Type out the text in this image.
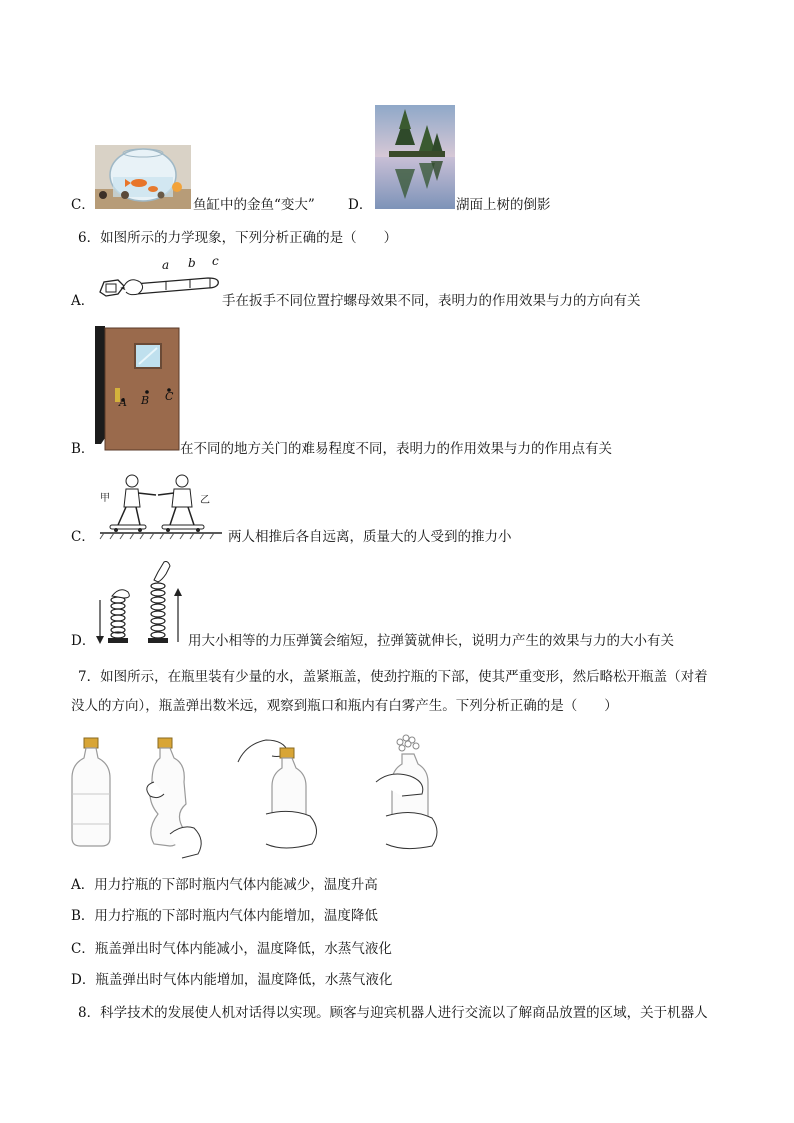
C．	鱼缸中的金鱼“变大” D．	湖面上树的倒影
6．如图所示的力学现象，下列分析正确的是（　　）
A．
a b c
手在扳手不同位置拧螺母效果不同，表明力的作用效果与力的方向有关
B．
A B C
在不同的地方关门的难易程度不同，表明力的作用效果与力的作用点有关
C．
甲	乙
两人相推后各自远离，质量大的人受到的推力小
D．	用大小相等的力压弹簧会缩短，拉弹簧就伸长，说明力产生的效果与力的大小有关
7．如图所示，在瓶里装有少量的水，盖紧瓶盖，使劲拧瓶的下部，使其严重变形，然后略松开瓶盖（对着
没人的方向），瓶盖弹出数米远，观察到瓶口和瓶内有白雾产生。下列分析正确的是（　　）
A．用力拧瓶的下部时瓶内气体内能减少，温度升高
B．用力拧瓶的下部时瓶内气体内能增加，温度降低
C．瓶盖弹出时气体内能减小，温度降低，水蒸气液化
D．瓶盖弹出时气体内能增加，温度降低，水蒸气液化
8．科学技术的发展使人机对话得以实现。顾客与迎宾机器人进行交流以了解商品放置的区域，关于机器人
